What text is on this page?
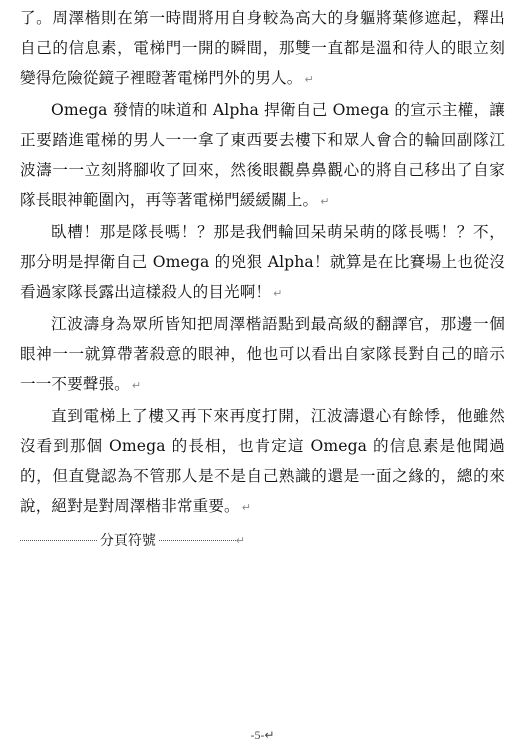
了。周澤楷則在第一時間將用自身較為高大的身軀將葉修遮起，釋出自己的信息素，電梯門一開的瞬間，那雙一直都是溫和待人的眼立刻變得危險從鏡子裡瞪著電梯門外的男人。 ↵

Omega 發情的味道和 Alpha 捍衛自己 Omega 的宣示主權，讓正要踏進電梯的男人一一拿了東西要去樓下和眾人會合的輪回副隊江波濤一一立刻將腳收了回來，然後眼觀鼻鼻觀心的將自己移出了自家隊長眼神範圍內，再等著電梯門緩緩關上。 ↵

臥槽！那是隊長嗎！？那是我們輪回呆萌呆萌的隊長嗎！？不，那分明是捍衛自己 Omega 的兇狠 Alpha！就算是在比賽場上也從沒看過家隊長露出這樣殺人的目光啊！ ↵

江波濤身為眾所皆知把周澤楷語點到最高級的翻譯官，那邊一個眼神一一就算帶著殺意的眼神，他也可以看出自家隊長對自己的暗示一一不要聲張。 ↵

直到電梯上了樓又再下來再度打開，江波濤還心有餘悸，他雖然沒看到那個 Omega 的長相，也肯定這 Omega 的信息素是他聞過的，但直覺認為不管那人是不是自己熟識的還是一面之緣的，總的來說，絕對是對周澤楷非常重要。 ↵

分頁符號	↵
-5-↵
